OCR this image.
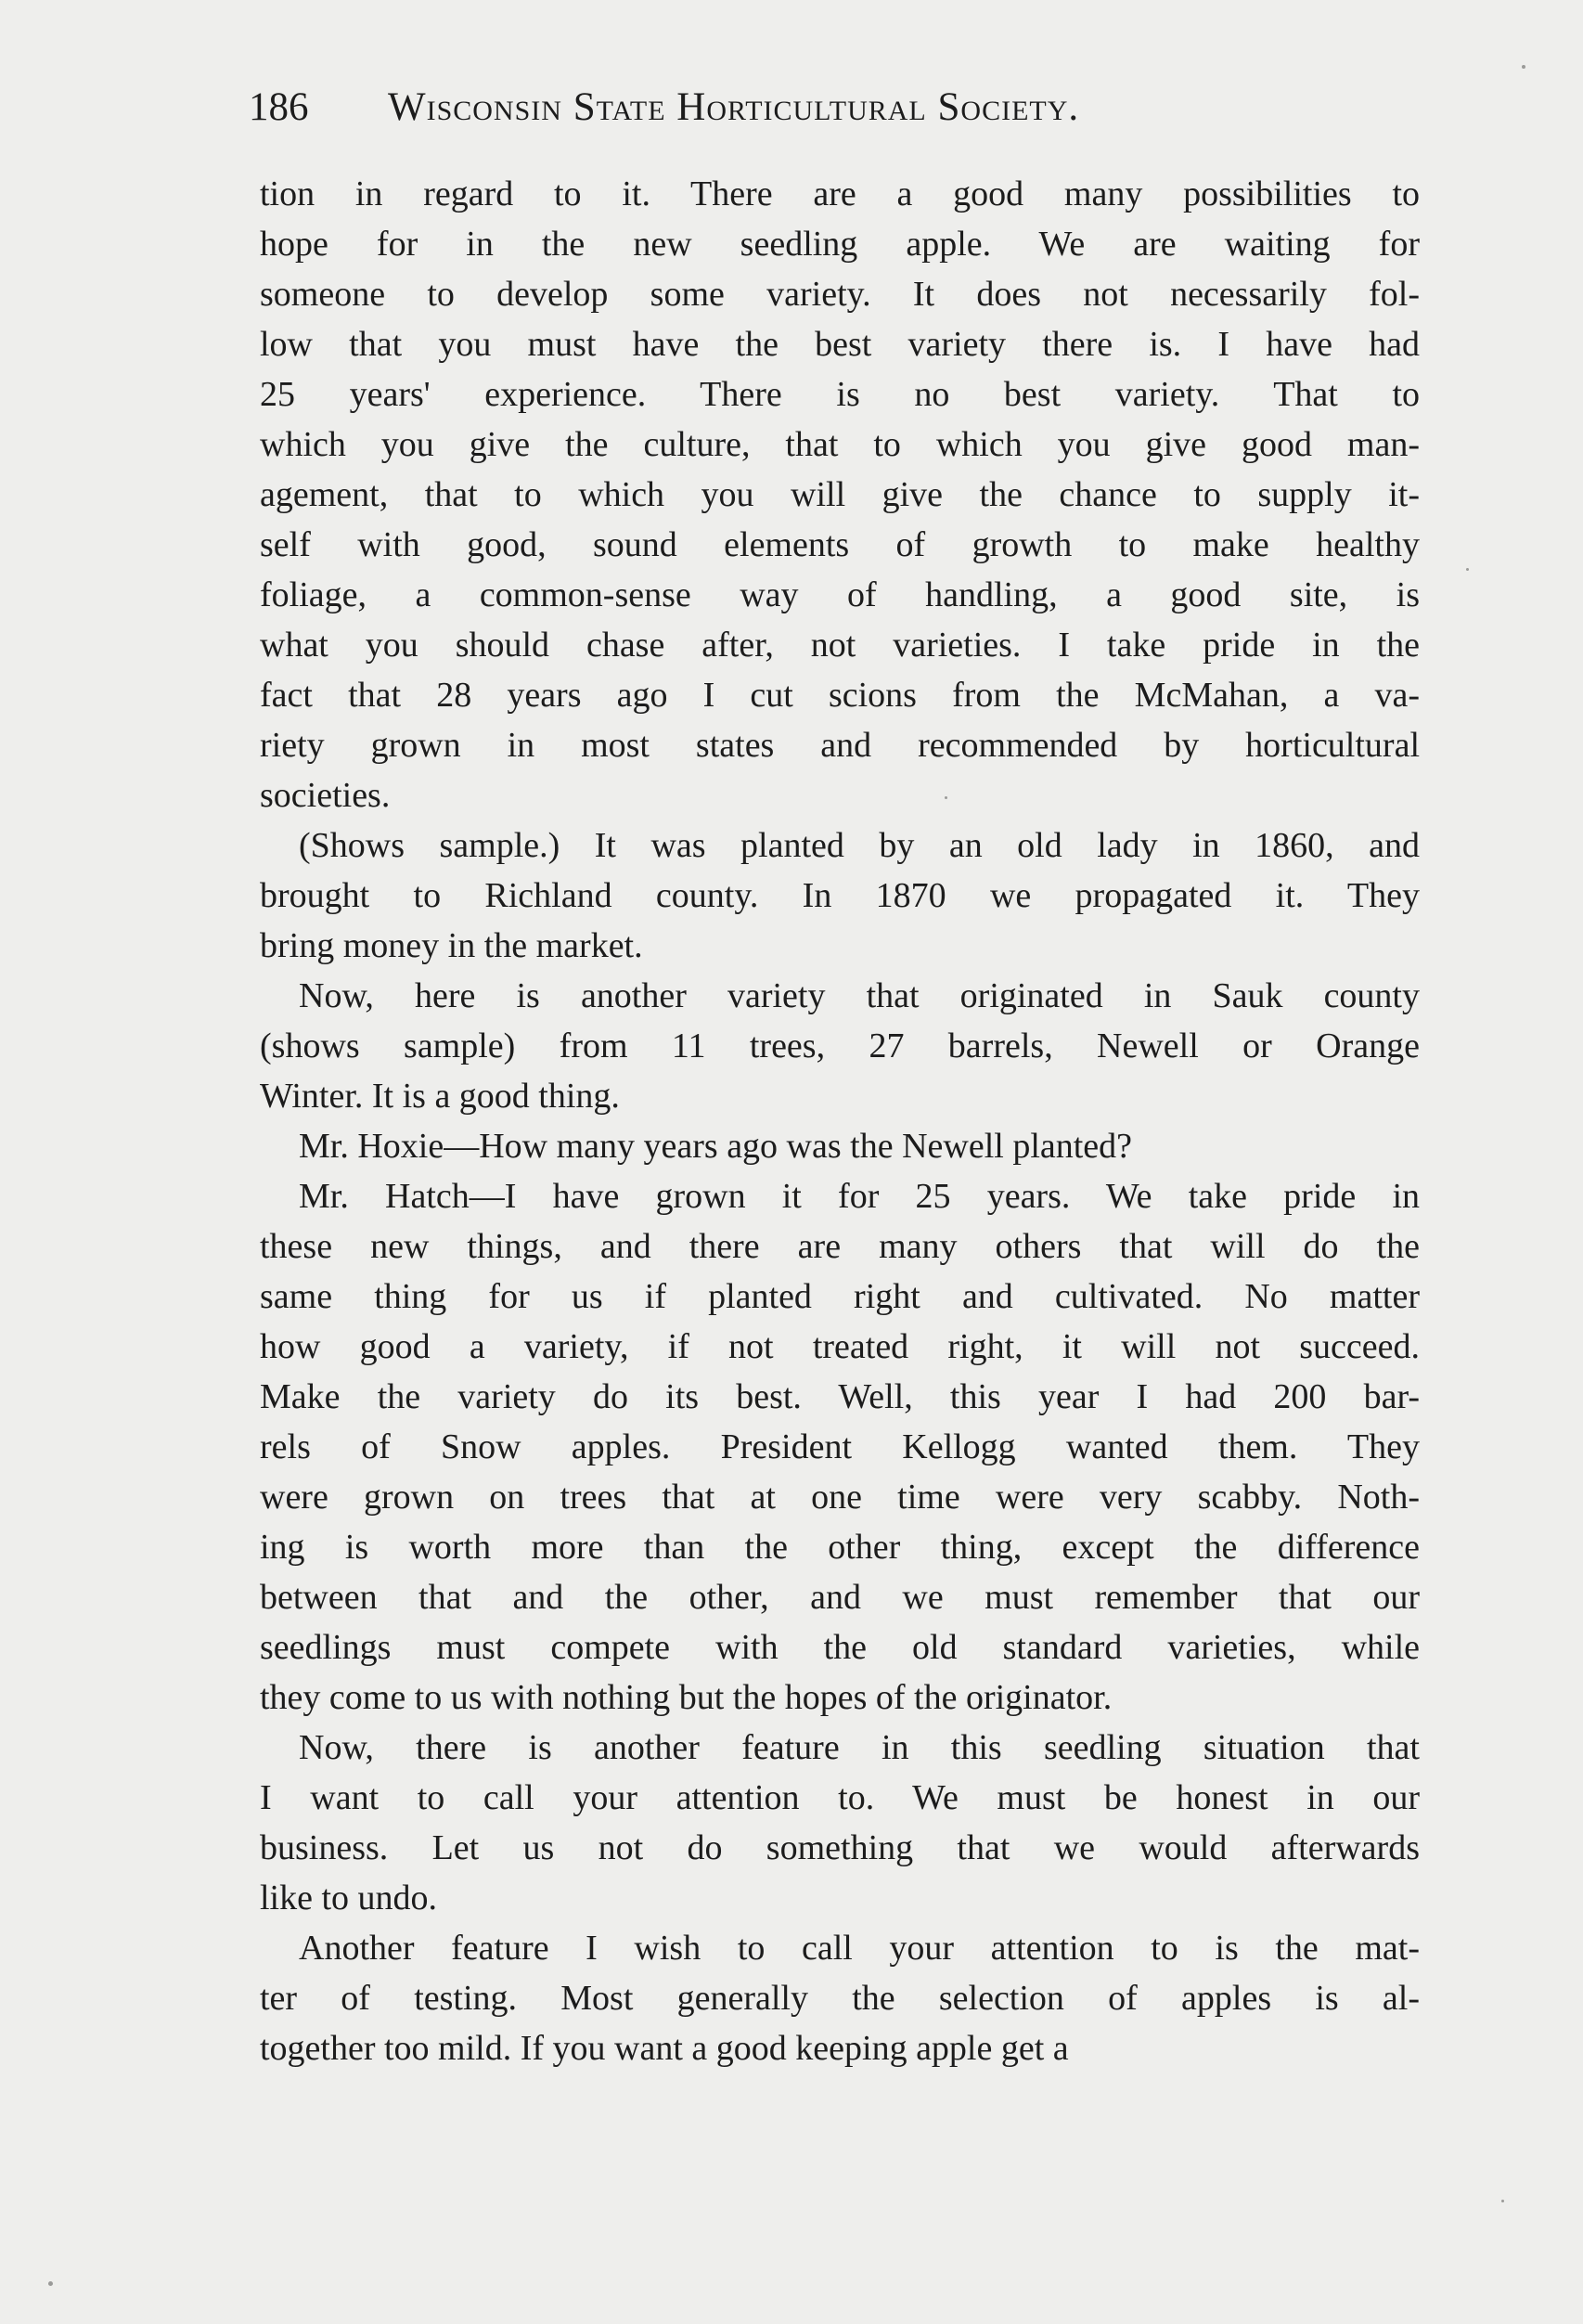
186 Wisconsin State Horticultural Society.
tion in regard to it. There are a good many possibilities to
hope for in the new seedling apple. We are waiting for
someone to develop some variety. It does not necessarily fol-
low that you must have the best variety there is. I have had
25 years' experience. There is no best variety. That to
which you give the culture, that to which you give good man-
agement, that to which you will give the chance to supply it-
self with good, sound elements of growth to make healthy
foliage, a common-sense way of handling, a good site, is
what you should chase after, not varieties. I take pride in the
fact that 28 years ago I cut scions from the McMahan, a va-
riety grown in most states and recommended by horticultural
societies.
(Shows sample.) It was planted by an old lady in 1860, and
brought to Richland county. In 1870 we propagated it. They
bring money in the market.
Now, here is another variety that originated in Sauk county
(shows sample) from 11 trees, 27 barrels, Newell or Orange
Winter. It is a good thing.
Mr. Hoxie—How many years ago was the Newell planted?
Mr. Hatch—I have grown it for 25 years. We take pride in
these new things, and there are many others that will do the
same thing for us if planted right and cultivated. No matter
how good a variety, if not treated right, it will not succeed.
Make the variety do its best. Well, this year I had 200 bar-
rels of Snow apples. President Kellogg wanted them. They
were grown on trees that at one time were very scabby. Noth-
ing is worth more than the other thing, except the difference
between that and the other, and we must remember that our
seedlings must compete with the old standard varieties, while
they come to us with nothing but the hopes of the originator.
Now, there is another feature in this seedling situation that
I want to call your attention to. We must be honest in our
business. Let us not do something that we would afterwards
like to undo.
Another feature I wish to call your attention to is the mat-
ter of testing. Most generally the selection of apples is al-
together too mild. If you want a good keeping apple get a
